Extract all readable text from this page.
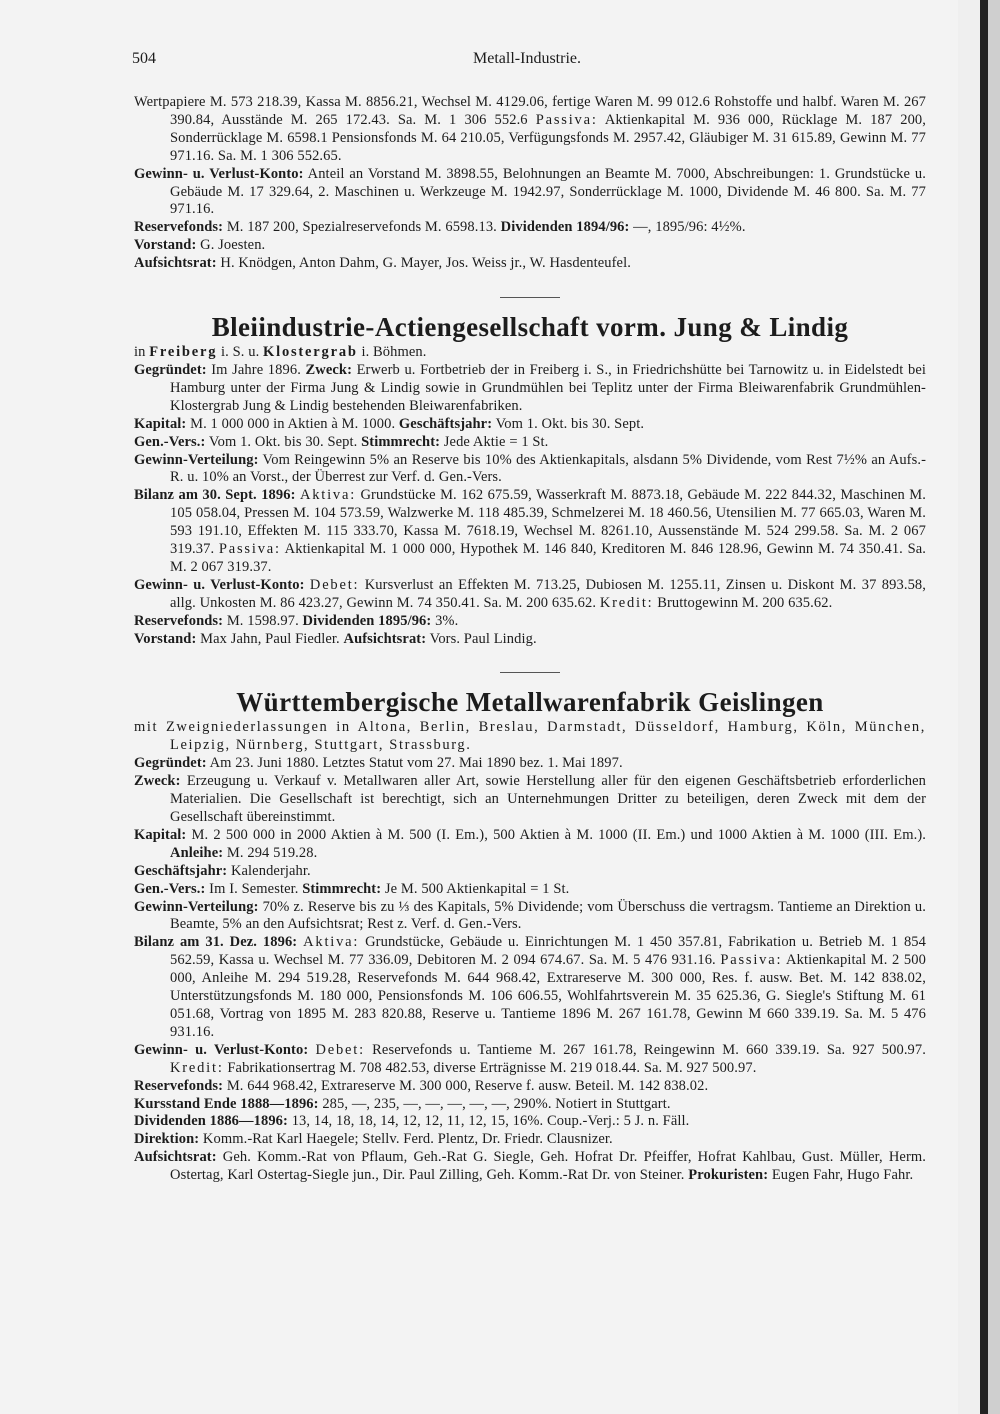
504	Metall-Industrie.

Wertpapiere M. 573 218.39, Kassa M. 8856.21, Wechsel M. 4129.06, fertige Waren M. 99 012.6 Rohstoffe und halbf. Waren M. 267 390.84, Ausstände M. 265 172.43. Sa. M. 1 306 552.6 Passiva: Aktienkapital M. 936 000, Rücklage M. 187 200, Sonderrücklage M. 6598.1 Pensionsfonds M. 64 210.05, Verfügungsfonds M. 2957.42, Gläubiger M. 31 615.89, Gewinn M. 77 971.16. Sa. M. 1 306 552.65.

Gewinn- u. Verlust-Konto: Anteil an Vorstand M. 3898.55, Belohnungen an Beamte M. 7000, Abschreibungen: 1. Grundstücke u. Gebäude M. 17 329.64, 2. Maschinen u. Werkzeuge M. 1942.97, Sonderrücklage M. 1000, Dividende M. 46 800. Sa. M. 77 971.16.

Reservefonds: M. 187 200, Spezialreservefonds M. 6598.13. Dividenden 1894/96: —, 1895/96: 4½%.

Vorstand: G. Joesten.

Aufsichtsrat: H. Knödgen, Anton Dahm, G. Mayer, Jos. Weiss jr., W. Hasdenteufel.

Bleiindustrie-Actiengesellschaft vorm. Jung & Lindig

in Freiberg i. S. u. Klostergrab i. Böhmen.

Gegründet: Im Jahre 1896. Zweck: Erwerb u. Fortbetrieb der in Freiberg i. S., in Friedrichshütte bei Tarnowitz u. in Eidelstedt bei Hamburg unter der Firma Jung & Lindig sowie in Grundmühlen bei Teplitz unter der Firma Bleiwarenfabrik Grundmühlen-Klostergrab Jung & Lindig bestehenden Bleiwarenfabriken.

Kapital: M. 1 000 000 in Aktien à M. 1000. Geschäftsjahr: Vom 1. Okt. bis 30. Sept.

Gen.-Vers.: Vom 1. Okt. bis 30. Sept. Stimmrecht: Jede Aktie = 1 St.

Gewinn-Verteilung: Vom Reingewinn 5% an Reserve bis 10% des Aktienkapitals, alsdann 5% Dividende, vom Rest 7½% an Aufs.-R. u. 10% an Vorst., der Überrest zur Verf. d. Gen.-Vers.

Bilanz am 30. Sept. 1896: Aktiva: Grundstücke M. 162 675.59, Wasserkraft M. 8873.18, Gebäude M. 222 844.32, Maschinen M. 105 058.04, Pressen M. 104 573.59, Walzwerke M. 118 485.39, Schmelzerei M. 18 460.56, Utensilien M. 77 665.03, Waren M. 593 191.10, Effekten M. 115 333.70, Kassa M. 7618.19, Wechsel M. 8261.10, Aussenstände M. 524 299.58. Sa. M. 2 067 319.37. Passiva: Aktienkapital M. 1 000 000, Hypothek M. 146 840, Kreditoren M. 846 128.96, Gewinn M. 74 350.41. Sa. M. 2 067 319.37.

Gewinn- u. Verlust-Konto: Debet: Kursverlust an Effekten M. 713.25, Dubiosen M. 1255.11, Zinsen u. Diskont M. 37 893.58, allg. Unkosten M. 86 423.27, Gewinn M. 74 350.41. Sa. M. 200 635.62. Kredit: Bruttogewinn M. 200 635.62.

Reservefonds: M. 1598.97. Dividenden 1895/96: 3%.

Vorstand: Max Jahn, Paul Fiedler. Aufsichtsrat: Vors. Paul Lindig.

Württembergische Metallwarenfabrik Geislingen

mit Zweigniederlassungen in Altona, Berlin, Breslau, Darmstadt, Düsseldorf, Hamburg, Köln, München, Leipzig, Nürnberg, Stuttgart, Strassburg.

Gegründet: Am 23. Juni 1880. Letztes Statut vom 27. Mai 1890 bez. 1. Mai 1897.

Zweck: Erzeugung u. Verkauf v. Metallwaren aller Art, sowie Herstellung aller für den eigenen Geschäftsbetrieb erforderlichen Materialien. Die Gesellschaft ist berechtigt, sich an Unternehmungen Dritter zu beteiligen, deren Zweck mit dem der Gesellschaft übereinstimmt.

Kapital: M. 2 500 000 in 2000 Aktien à M. 500 (I. Em.), 500 Aktien à M. 1000 (II. Em.) und 1000 Aktien à M. 1000 (III. Em.). Anleihe: M. 294 519.28.

Geschäftsjahr: Kalenderjahr.

Gen.-Vers.: Im I. Semester. Stimmrecht: Je M. 500 Aktienkapital = 1 St.

Gewinn-Verteilung: 70% z. Reserve bis zu ⅓ des Kapitals, 5% Dividende; vom Überschuss die vertragsm. Tantieme an Direktion u. Beamte, 5% an den Aufsichtsrat; Rest z. Verf. d. Gen.-Vers.

Bilanz am 31. Dez. 1896: Aktiva: Grundstücke, Gebäude u. Einrichtungen M. 1 450 357.81, Fabrikation u. Betrieb M. 1 854 562.59, Kassa u. Wechsel M. 77 336.09, Debitoren M. 2 094 674.67. Sa. M. 5 476 931.16. Passiva: Aktienkapital M. 2 500 000, Anleihe M. 294 519.28, Reservefonds M. 644 968.42, Extrareserve M. 300 000, Res. f. ausw. Bet. M. 142 838.02, Unterstützungsfonds M. 180 000, Pensionsfonds M. 106 606.55, Wohlfahrtsverein M. 35 625.36, G. Siegle's Stiftung M. 61 051.68, Vortrag von 1895 M. 283 820.88, Reserve u. Tantieme 1896 M. 267 161.78, Gewinn M 660 339.19. Sa. M. 5 476 931.16.

Gewinn- u. Verlust-Konto: Debet: Reservefonds u. Tantieme M. 267 161.78, Reingewinn M. 660 339.19. Sa. 927 500.97. Kredit: Fabrikationsertrag M. 708 482.53, diverse Erträgnisse M. 219 018.44. Sa. M. 927 500.97.

Reservefonds: M. 644 968.42, Extrareserve M. 300 000, Reserve f. ausw. Beteil. M. 142 838.02.

Kursstand Ende 1888—1896: 285, —, 235, —, —, —, —, —, 290%. Notiert in Stuttgart.

Dividenden 1886—1896: 13, 14, 18, 18, 14, 12, 12, 11, 12, 15, 16%. Coup.-Verj.: 5 J. n. Fäll.

Direktion: Komm.-Rat Karl Haegele; Stellv. Ferd. Plentz, Dr. Friedr. Clausnizer.

Aufsichtsrat: Geh. Komm.-Rat von Pflaum, Geh.-Rat G. Siegle, Geh. Hofrat Dr. Pfeiffer, Hofrat Kahlbau, Gust. Müller, Herm. Ostertag, Karl Ostertag-Siegle jun., Dir. Paul Zilling, Geh. Komm.-Rat Dr. von Steiner. Prokuristen: Eugen Fahr, Hugo Fahr.
